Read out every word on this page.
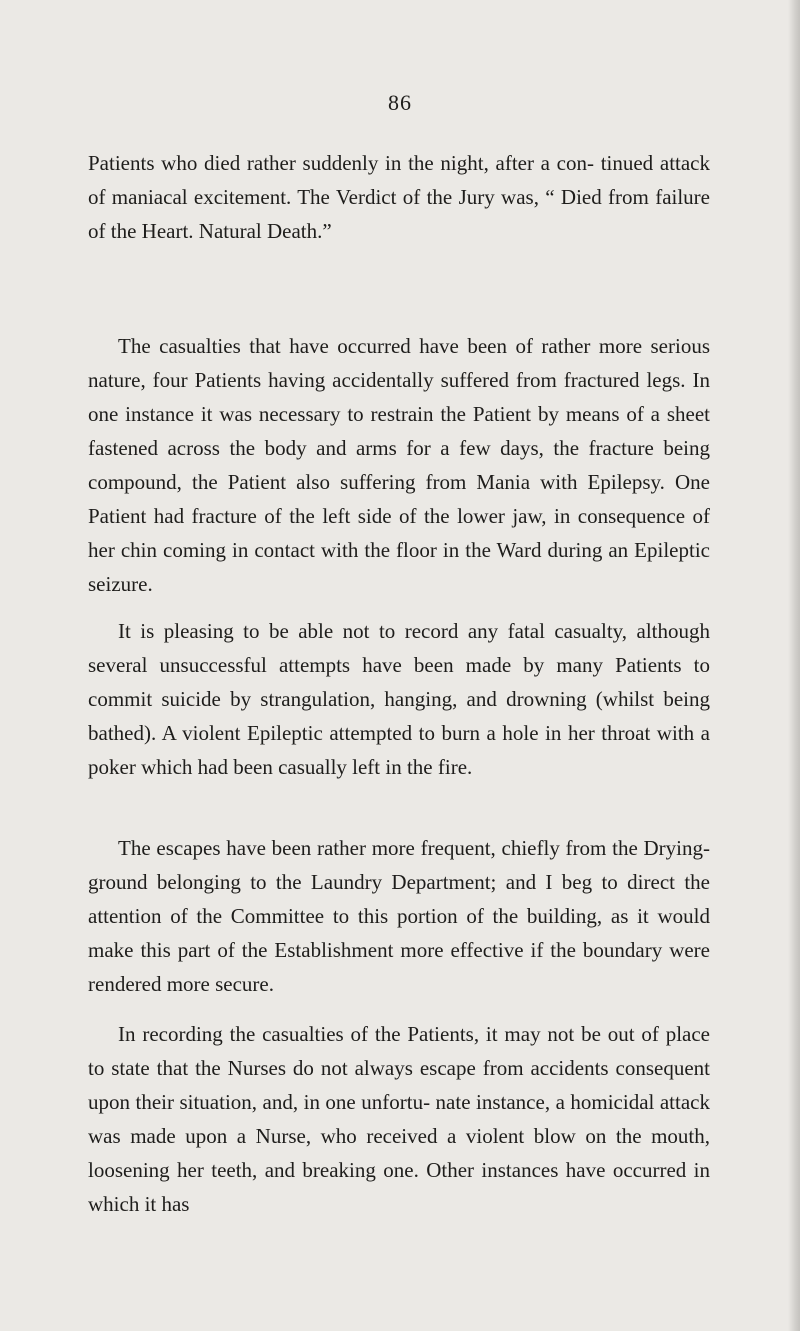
86

Patients who died rather suddenly in the night, after a con- tinued attack of maniacal excitement. The Verdict of the Jury was, “ Died from failure of the Heart. Natural Death.”

The casualties that have occurred have been of rather more serious nature, four Patients having accidentally suffered from fractured legs. In one instance it was necessary to restrain the Patient by means of a sheet fastened across the body and arms for a few days, the fracture being compound, the Patient also suffering from Mania with Epilepsy. One Patient had fracture of the left side of the lower jaw, in consequence of her chin coming in contact with the floor in the Ward during an Epileptic seizure.

It is pleasing to be able not to record any fatal casualty, although several unsuccessful attempts have been made by many Patients to commit suicide by strangulation, hanging, and drowning (whilst being bathed). A violent Epileptic attempted to burn a hole in her throat with a poker which had been casually left in the fire.

The escapes have been rather more frequent, chiefly from the Drying-ground belonging to the Laundry Department; and I beg to direct the attention of the Committee to this portion of the building, as it would make this part of the Establishment more effective if the boundary were rendered more secure.

In recording the casualties of the Patients, it may not be out of place to state that the Nurses do not always escape from accidents consequent upon their situation, and, in one unfortu- nate instance, a homicidal attack was made upon a Nurse, who received a violent blow on the mouth, loosening her teeth, and breaking one. Other instances have occurred in which it has
